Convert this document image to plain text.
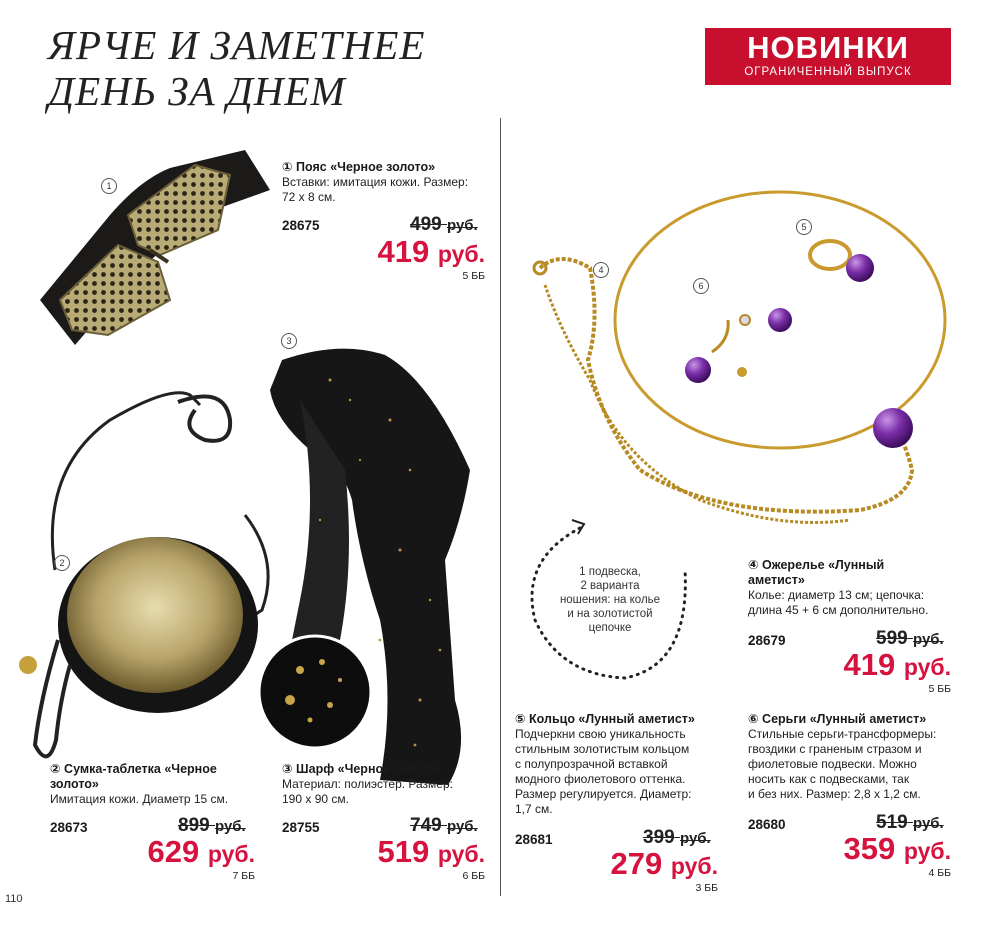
ЯРЧЕ И ЗАМЕТНЕЕ
ДЕНЬ ЗА ДНЕМ
НОВИНКИ
ОГРАНИЧЕННЫЙ ВЫПУСК
1
2
3
4
5
6
1 подвеска,
2 варианта
ношения: на колье
и на золотистой
цепочке
① Пояс «Черное золото»
Вставки: имитация кожи. Размер:
72 х 8 см.
28675	499 руб.
419 руб.
5 ББ
② Сумка-таблетка «Черное
золото»
Имитация кожи. Диаметр 15 см.
28673	899 руб.
629 руб.
7 ББ
③ Шарф «Черное золото»
Материал: полиэстер. Размер:
190 х 90 см.
28755	749 руб.
519 руб.
6 ББ
④ Ожерелье «Лунный
аметист»
Колье: диаметр 13 см; цепочка:
длина 45 + 6 см дополнительно.
28679	599 руб.
419 руб.
5 ББ
⑤ Кольцо «Лунный аметист»
Подчеркни свою уникальность
стильным золотистым кольцом
с полупрозрачной вставкой
модного фиолетового оттенка.
Размер регулируется. Диаметр:
1,7 см.
28681	399 руб.
279 руб.
3 ББ
⑥ Серьги «Лунный аметист»
Стильные серьги-трансформеры:
гвоздики с граненым стразом и
фиолетовые подвески. Можно
носить как с подвесками, так
и без них. Размер: 2,8 х 1,2 см.
28680	519 руб.
359 руб.
4 ББ
110
